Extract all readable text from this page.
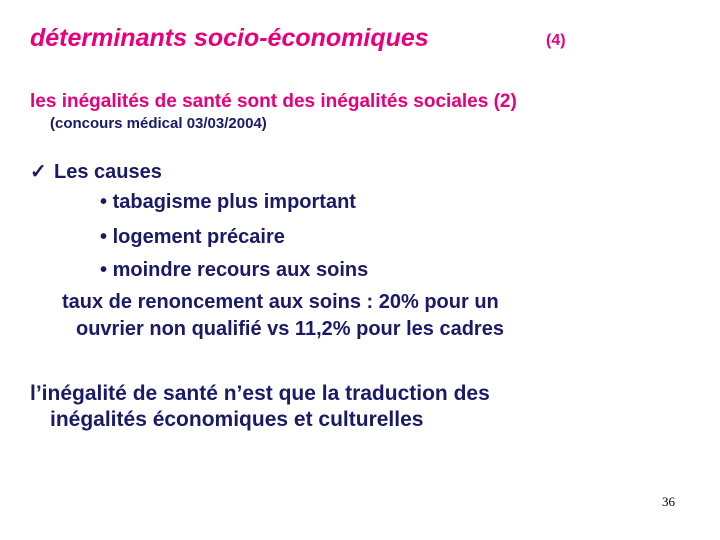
déterminants socio-économiques	(4)
les inégalités de santé sont des inégalités sociales (2)
(concours médical 03/03/2004)
✓ Les causes
• tabagisme plus important
• logement précaire
• moindre recours aux soins
taux de renoncement aux soins : 20% pour un
ouvrier non qualifié vs 11,2% pour les cadres
l’inégalité de santé n’est que la traduction des
inégalités économiques et culturelles
36
